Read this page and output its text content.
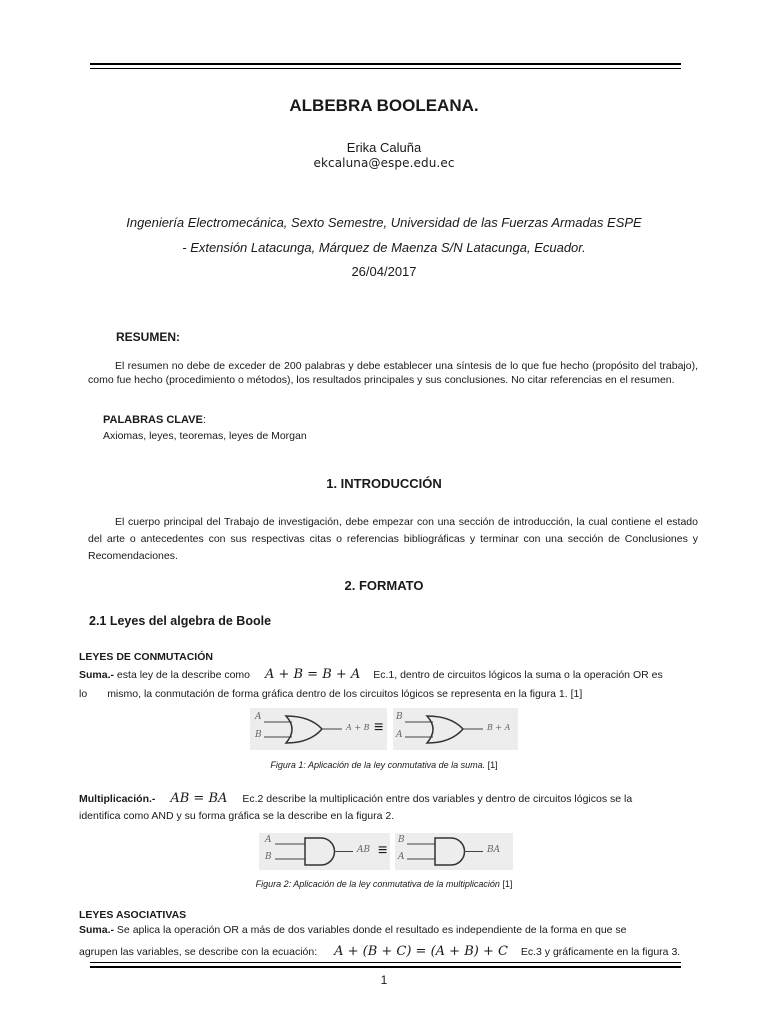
ALBEBRA BOOLEANA.
Erika Caluña
ekcaluna@espe.edu.ec
Ingeniería Electromecánica, Sexto Semestre, Universidad de las Fuerzas Armadas ESPE
- Extensión Latacunga, Márquez de Maenza S/N Latacunga, Ecuador.
26/04/2017
RESUMEN:
El resumen no debe de exceder de 200 palabras y debe establecer una síntesis de lo que fue hecho (propósito del trabajo), como fue hecho (procedimiento o métodos), los resultados principales y sus conclusiones. No citar referencias en el resumen.
PALABRAS CLAVE:
Axiomas, leyes, teoremas, leyes de Morgan
1. INTRODUCCIÓN
El cuerpo principal del Trabajo de investigación, debe empezar con una sección de introducción, la cual contiene el estado del arte o antecedentes con sus respectivas citas o referencias bibliográficas y terminar con una sección de Conclusiones y Recomendaciones.
2. FORMATO
2.1 Leyes del algebra de Boole
LEYES DE CONMUTACIÓN
Suma.- esta ley de la describe como A + B = B + A Ec.1, dentro de circuitos lógicos la suma o la operación OR es
lo mismo, la conmutación de forma gráfica dentro de los circuitos lógicos se representa en la figura 1. [1]
A
B
A + B ≡
B
A
B + A
Figura 1: Aplicación de la ley conmutativa de la suma. [1]
Multiplicación.- AB = BA Ec.2 describe la multiplicación entre dos variables y dentro de circuitos lógicos se la
identifica como AND y su forma gráfica se la describe en la figura 2.
A
B
AB ≡
B
A
BA
Figura 2: Aplicación de la ley conmutativa de la multiplicación [1]
LEYES ASOCIATIVAS
Suma.- Se aplica la operación OR a más de dos variables donde el resultado es independiente de la forma en que se
agrupen las variables, se describe con la ecuación: A + (B + C) = (A + B) + C Ec.3 y gráficamente en la figura 3.
1
